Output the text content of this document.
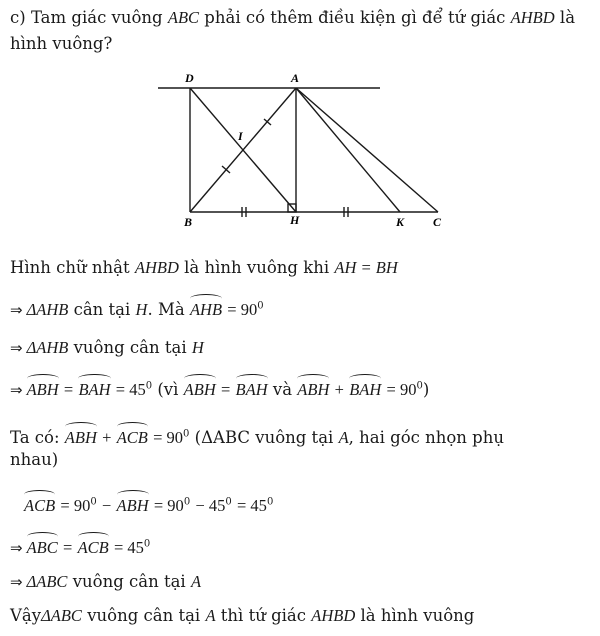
c) Tam giác vuông ABC phải có thêm điều kiện gì để tứ giác AHBD là
hình vuông?
D	A
I
B	H	K C
Hình chữ nhật AHBD là hình vuông khi AH = BH
⇒ ΔAHB cân tại H. Mà AHB = $90^0$
⇒ ΔAHB vuông cân tại H
⇒ ABH = BAH = $45^0$ (vì ABH = BAH và ABH + BAH = $90^0$)
Ta có: ABH + ACB = $90^0$ (ΔABC vuông tại A, hai góc nhọn phụ
nhau)
ACB = $90^0$ − ABH = $90^0 - 45^0 = 45^0$
⇒ ABC = ACB = $45^0$
⇒ ΔABC vuông cân tại A
VậyΔABC vuông cân tại A thì tứ giác AHBD là hình vuông
